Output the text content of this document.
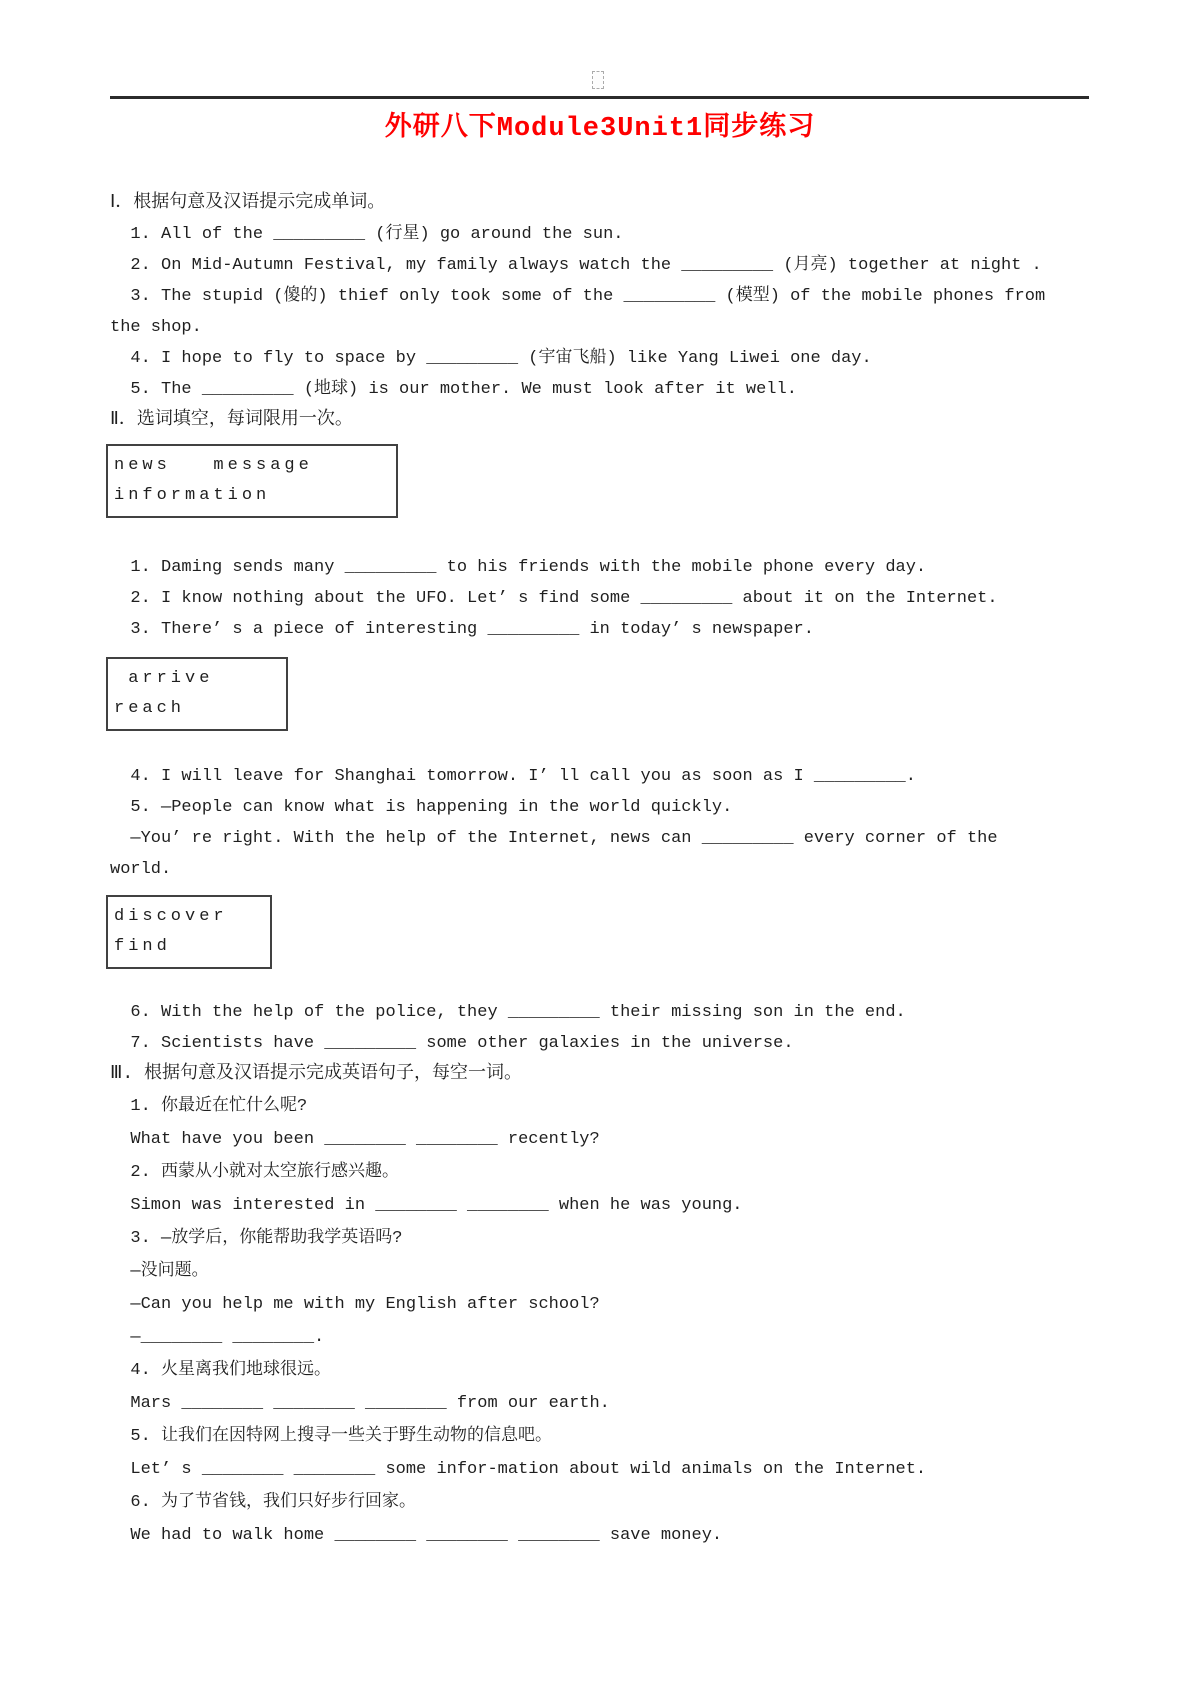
外研八下Module3Unit1同步练习
Ⅰ．根据句意及汉语提示完成单词。
1. All of the _________ (行星) go around the sun.
2. On Mid-Autumn Festival, my family always watch the _________ (月亮) together at night .
3. The stupid (傻的) thief only took some of the _________ (模型) of the mobile phones from
the shop.
4. I hope to fly to space by _________ (宇宙飞船) like Yang Liwei one day.
5. The _________ (地球) is our mother. We must look after it well.
Ⅱ．选词填空，每词限用一次。
news   message
information
1. Daming sends many _________ to his friends with the mobile phone every day.
2. I know nothing about the UFO. Let’ s find some _________ about it on the Internet.
3. There’ s a piece of interesting _________ in today’ s newspaper.
arrive
reach
4. I will leave for Shanghai tomorrow. I’ ll call you as soon as I _________.
5. —People can know what is happening in the world quickly.
—You’ re right. With the help of the Internet, news can _________ every corner of the
world.
discover
find
6. With the help of the police, they _________ their missing son in the end.
7. Scientists have _________ some other galaxies in the universe.
Ⅲ. 根据句意及汉语提示完成英语句子，每空一词。
1. 你最近在忙什么呢?
What have you been ________ ________ recently?
2. 西蒙从小就对太空旅行感兴趣。
Simon was interested in ________ ________ when he was young.
3. —放学后，你能帮助我学英语吗?
—没问题。
—Can you help me with my English after school?
—________ ________.
4. 火星离我们地球很远。
Mars ________ ________ ________ from our earth.
5. 让我们在因特网上搜寻一些关于野生动物的信息吧。
Let’ s ________ ________ some infor-mation about wild animals on the Internet.
6. 为了节省钱，我们只好步行回家。
We had to walk home ________ ________ ________ save money.
